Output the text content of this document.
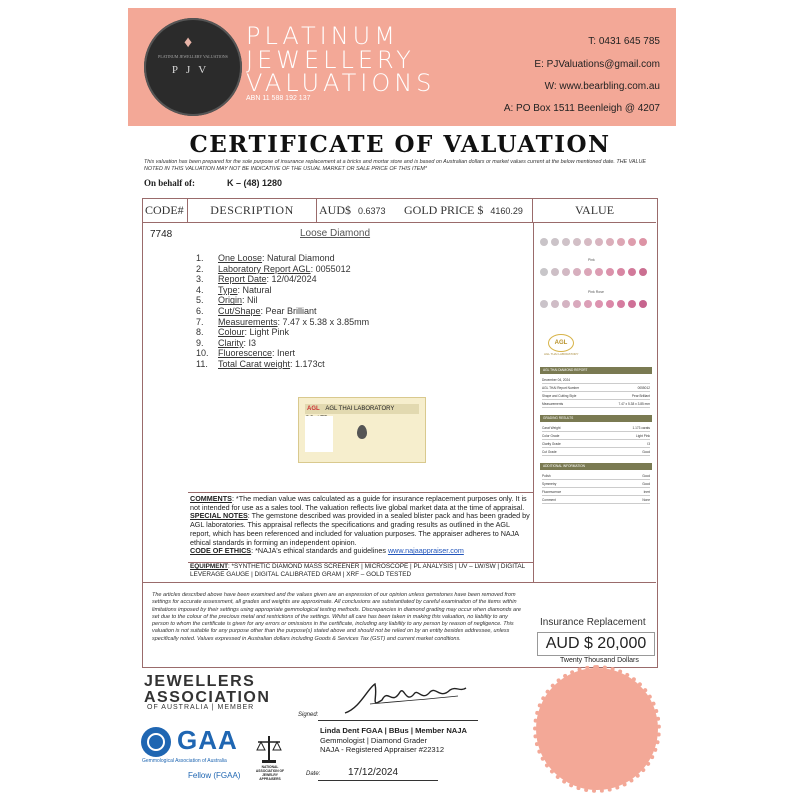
♦
PLATINUM JEWELLERY VALUATIONS
PJV
PLATINUM
JEWELLERY
VALUATIONS
ABN 11 588 192 137
T: 0431 645 785
E: PJValuations@gmail.com
W: www.bearbling.com.au
A: PO Box 1511 Beenleigh @ 4207
CERTIFICATE OF VALUATION
This valuation has been prepared for the sole purpose of insurance replacement at a bricks and mortar store and is based on Australian dollars or market values current at the below mentioned date. THE VALUE NOTED IN THIS VALUATION MAY NOT BE INDICATIVE OF THE USUAL MARKET OR SALE PRICE OF THIS ITEM*
On behalf of:	K – (48) 1280
CODE#	DESCRIPTION	AUD$ 0.6373	GOLD PRICE $ 4160.29	VALUE
7748	Loose Diamond
1. One Loose: Natural Diamond
2. Laboratory Report AGL: 0055012
3. Report Date: 12/04/2024
4. Type: Natural
5. Origin: Nil
6. Cut/Shape: Pear Brilliant
7. Measurements: 7.47 x 5.38 x 3.85mm
8. Colour: Light Pink
9. Clarity: I3
10. Fluorescence: Inert
11. Total Carat weight: 1.173ct
AGL AGL THAI LABORATORY
COMMENTS: *The median value was calculated as a guide for insurance replacement purposes only. It is not intended for use as a sales tool. The valuation reflects live global market data at the time of appraisal.
SPECIAL NOTES: The gemstone described was provided in a sealed blister pack and has been graded by AGL laboratories. This appraisal reflects the specifications and grading results as outlined in the AGL report, which has been referenced and included for valuation purposes. The appraiser adheres to NAJA ethical standards in forming an independent opinion.
CODE OF ETHICS: *NAJA's ethical standards and guidelines www.najaappraiser.com
EQUIPMENT: *SYNTHETIC DIAMOND MASS SCREENER | MICROSCOPE | PL ANALYSIS | UV – LW/SW | DIGITAL LEVERAGE GAUGE | DIGITAL CALIBRATED GRAM | XRF – GOLD TESTED
The articles described above have been examined and the values given are an expression of our opinion unless gemstones have been removed from settings for accurate assessment, all grades and weights are approximate. All conclusions are substantiated by careful examination of the items within limitations imposed by their settings using appropriate gemmological testing methods. Discrepancies in diamond grading may occur when diamonds are set due to the colour of the precious metal and restrictions of the settings. Whilst all care has been taken in making this valuation, no liability to any person to whom the certificate is given for any errors or omissions in the certificate, including any liability to any person by reason of negligence. This valuation is not suitable for any purpose other than the purpose(s) stated above and should not be relied on by an entity besides addressee, unless specifically noted. Values expressed in Australian dollars including Goods & Services Tax (GST) and current market conditions.
Pink
Pink Rose
AGL
AGL THAI LABORATORY
AGL THAI DIAMOND REPORT
December 04, 2024
AGL THAI Report Number	0055012
Shape and Cutting Style	Pear Brilliant
Measurements	7.47 x 5.38 x 3.85 mm
GRADING RESULTS
Carat Weight	1.173 carats
Color Grade	Light Pink
Clarity Grade	I3
Cut Grade	Good
ADDITIONAL INFORMATION
Polish	Good
Symmetry	Good
Fluorescence	Inert
Comment	None
Insurance Replacement
AUD $ 20,000
Twenty Thousand Dollars
JEWELLERS
ASSOCIATION
OF AUSTRALIA | MEMBER
GAA
Gemmological Association of Australia
Fellow (FGAA)
NATIONAL ASSOCIATION OF JEWELRY APPRAISERS
Signed:
Linda Dent FGAA | BBus | Member NAJA
Gemmologist | Diamond Grader
NAJA - Registered Appraiser #22312
Date:	17/12/2024
